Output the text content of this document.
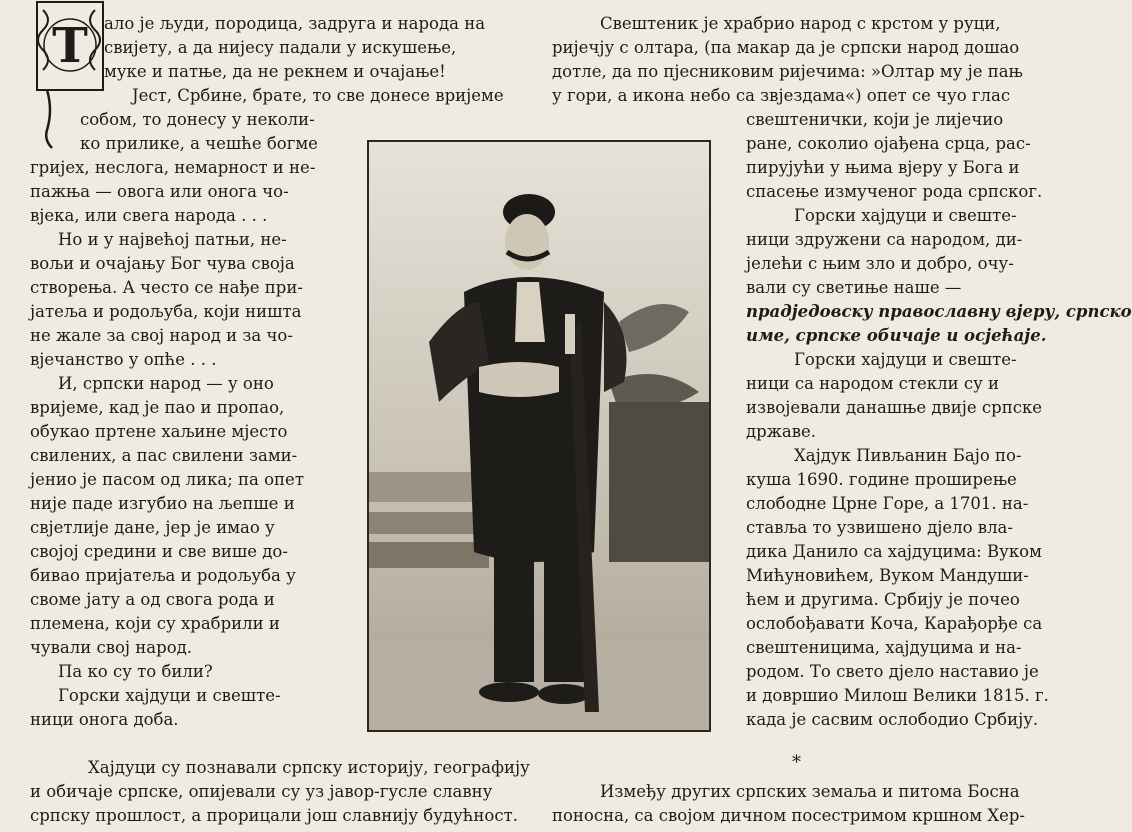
Т ало је људи, породица, задруга и народа на
свијету, а да нијесу падали у искушење,
муке и патње, да не рекнем и очајање!
Јест, Србине, брате, то све донесе вријеме
собом, то донесу у неколи-
ко прилике, а чешће богме
гријех, неслога, немарност и не-
пажња — овога или онога чо-
вјека, или свега народа . . .
Но и у највећој патњи, не-
вољи и очајању Бог чува своја
створења. А често се нађе при-
јатеља и родољуба, који ништа
не жале за свој народ и за чо-
вјечанство у опће . . .
И, српски народ — у оно
вријеме, кад је пао и пропао,
обукао пртене хаљине мјесто
свилених, а пас свилени зами-
јенио је пасом од лика; па опет
није паде изгубио на љепше и
свјетлије дане, јер је имао у
својој средини и све више до-
бивао пријатеља и родољуба у
своме јату а од свога рода и
племена, који су храбрили и
чували свој народ.
Па ко су то били?
Горски хајдуци и свеште-
ници онога доба.
Хајдуци су познавали српску историју, географију
и обичаје српске, опијевали су уз јавор-гусле славну
српску прошлост, а прорицали још славнију будућност.
Свештеник је храбрио народ с крстом у руци,
ријечју с олтара, (па макар да је српски народ дошао
дотле, да по пјесниковим ријечима: »Олтар му је пањ
у гори, а икона небо са звјездама«) опет се чуо глас
свештенички, који је лијечио
ране, соколио ојађена срца, рас-
пирујући у њима вјеру у Бога и
спасење измученог рода српског.
Горски хајдуци и свеште-
ници здружени са народом, ди-
јелећи с њим зло и добро, очу-
вали су светиње наше —
прадједовску православну вјеру, српско
име, српске обичаје и осјећаје.
Горски хајдуци и свеште-
ници са народом стекли су и
извојевали данашње двије српске
државе.
Хајдук Пивљанин Бајо по-
куша 1690. године проширење
слободне Црне Горе, а 1701. на-
ставља то узвишено дјело вла-
дика Данило са хајдуцима: Вуком
Мићуновићем, Вуком Мандуши-
ћем и другима. Србију је почео
ослобођавати Коча, Карађорђе са
свештеницима, хајдуцима и на-
родом. То свето дјело наставио је
и довршио Милош Велики 1815. г.
када је сасвим ослободио Србију.
*
Између других српских земаља и питома Босна
поносна, са својом дичном посестримом кршном Хер-
